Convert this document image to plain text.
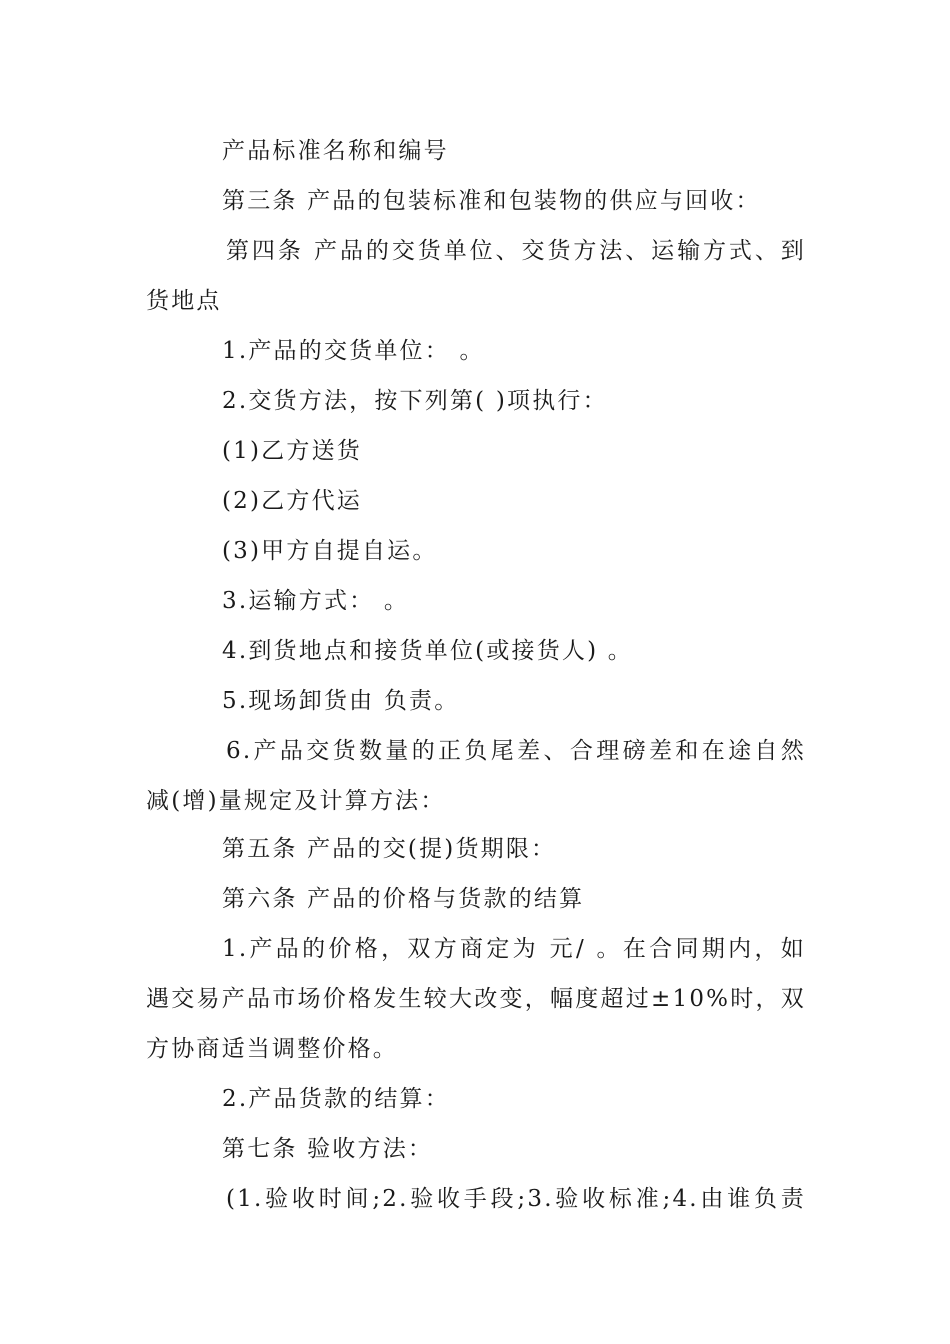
产品标准名称和编号
第三条 产品的包装标准和包装物的供应与回收：
第四条 产品的交货单位、交货方法、运输方式、到
货地点
1.产品的交货单位： 。
2.交货方法，按下列第( )项执行：
(1)乙方送货
(2)乙方代运
(3)甲方自提自运。
3.运输方式： 。
4.到货地点和接货单位(或接货人) 。
5.现场卸货由 负责。
6.产品交货数量的正负尾差、合理磅差和在途自然
减(增)量规定及计算方法：
第五条 产品的交(提)货期限：
第六条 产品的价格与货款的结算
1.产品的价格，双方商定为 元/ 。在合同期内，如
遇交易产品市场价格发生较大改变，幅度超过±10%时，双
方协商适当调整价格。
2.产品货款的结算：
第七条 验收方法：
(1.验收时间;2.验收手段;3.验收标准;4.由谁负责
